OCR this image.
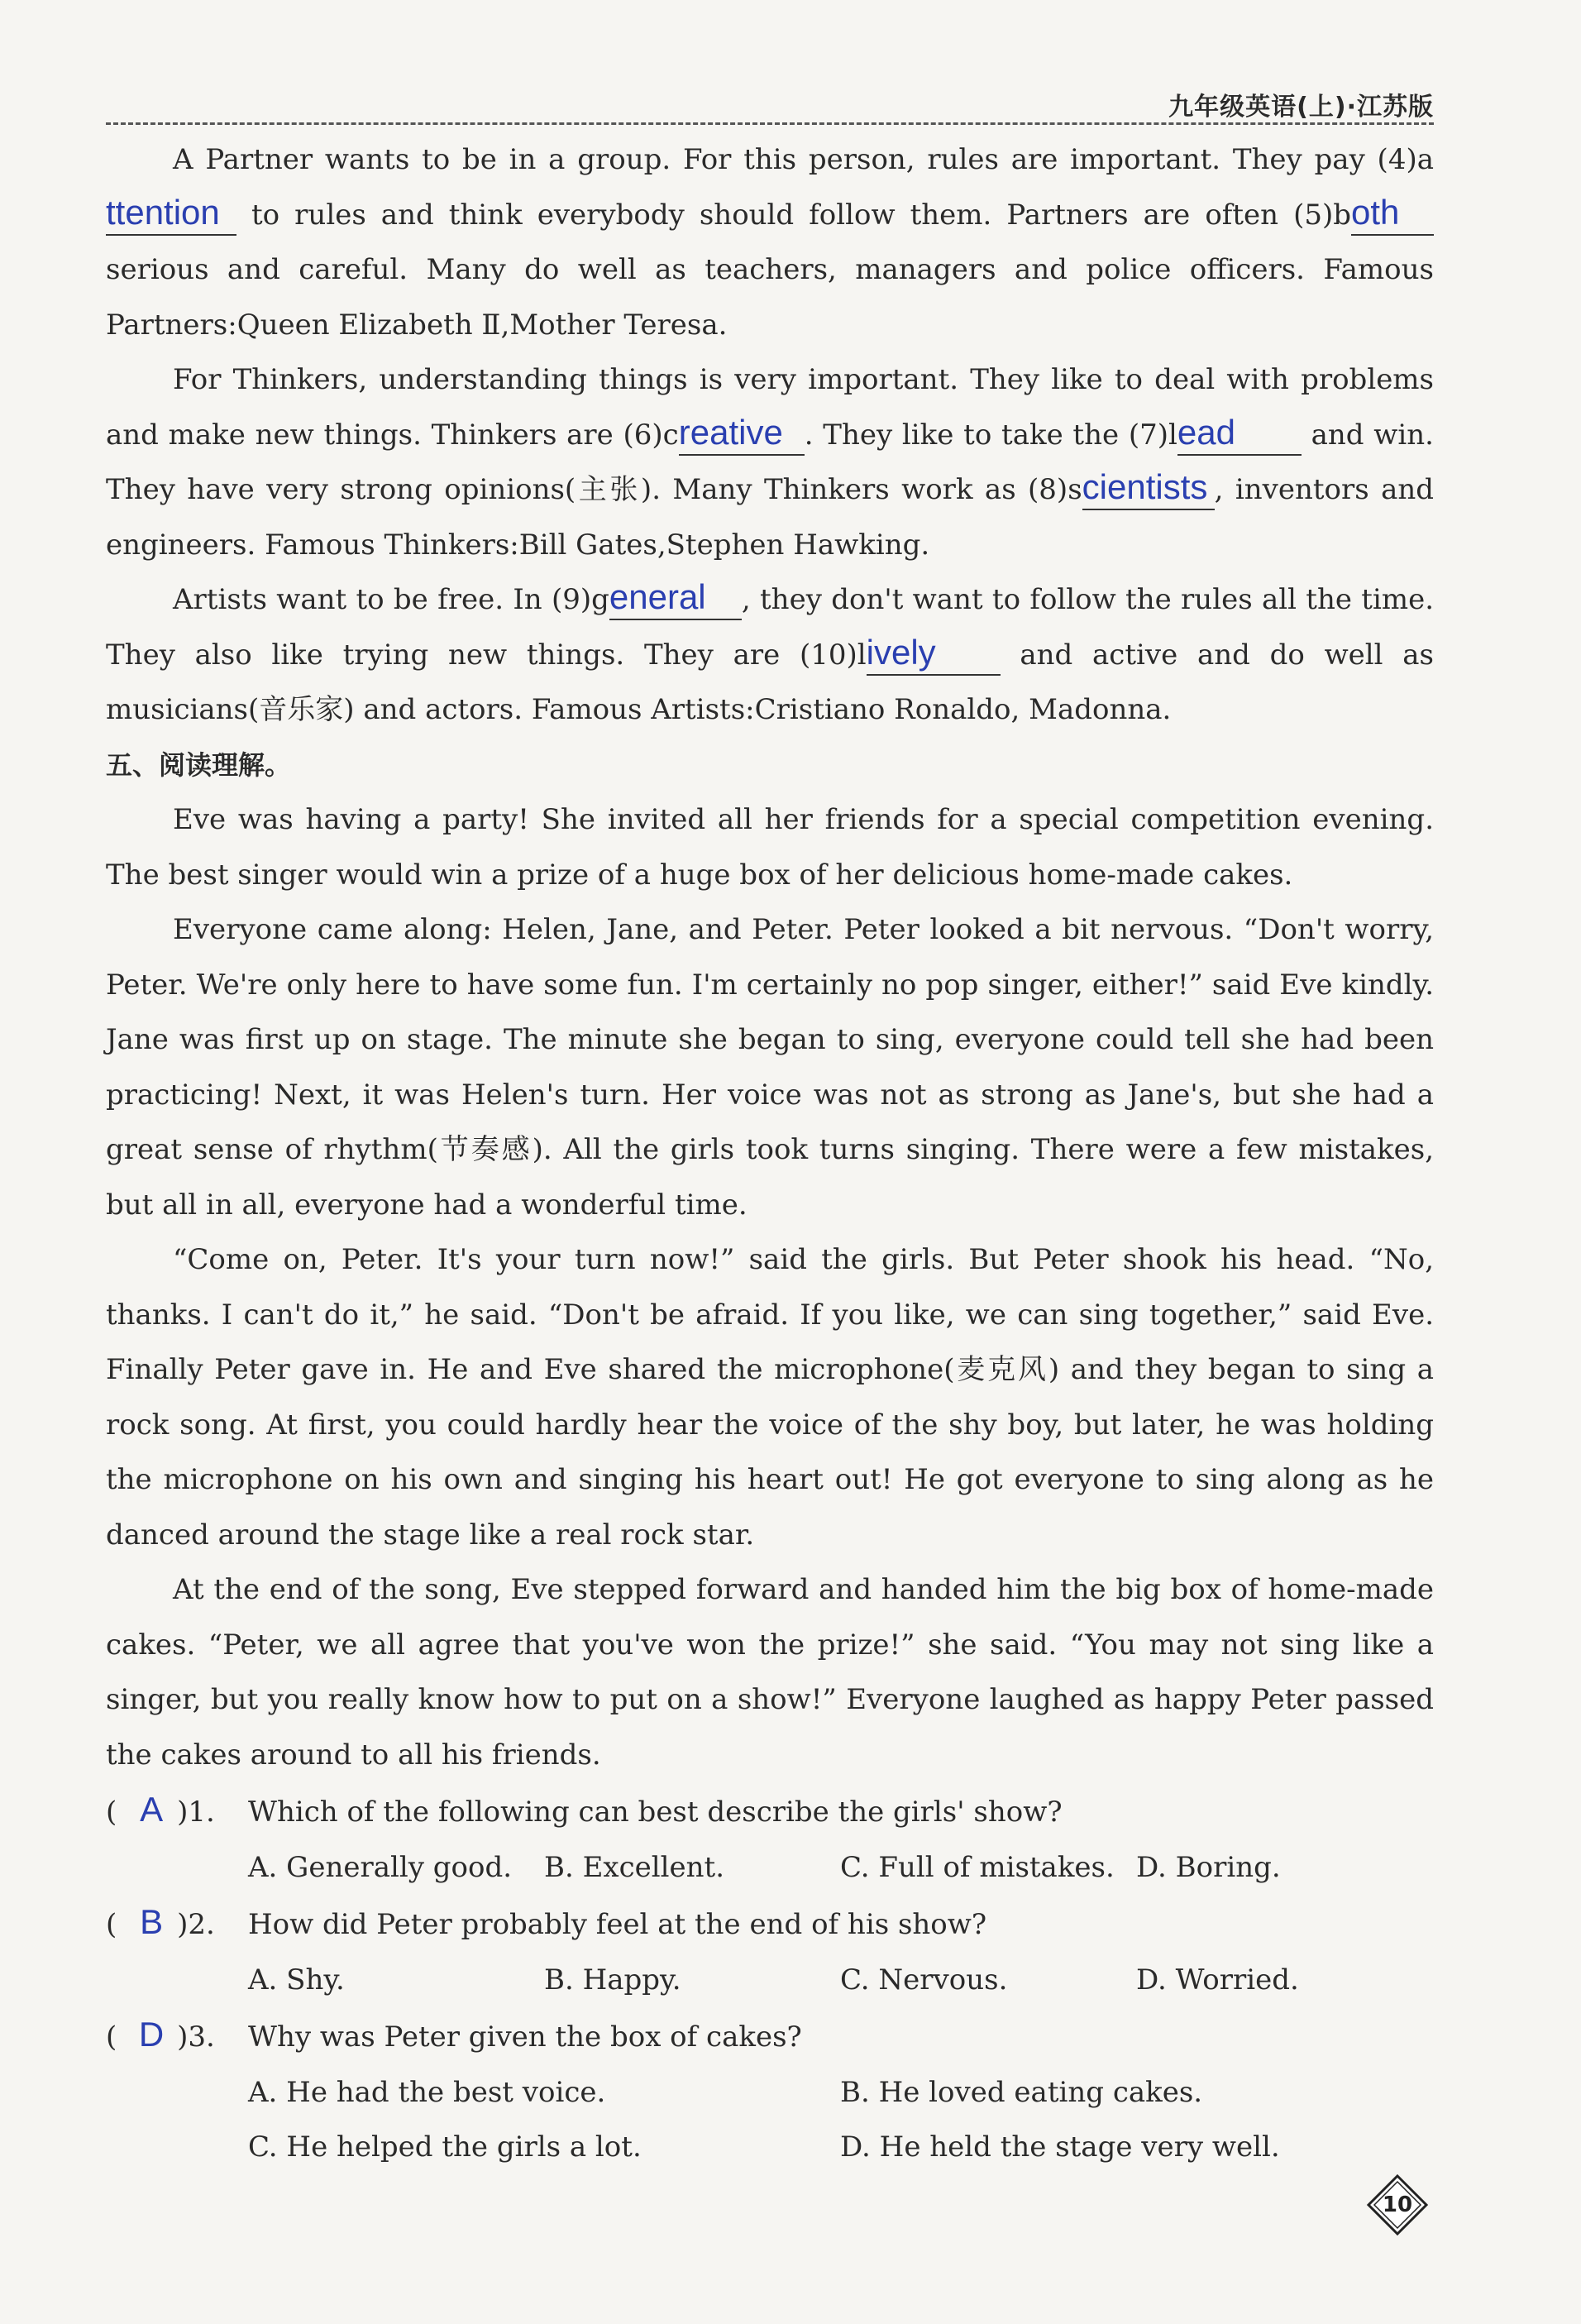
九年级英语(上)·江苏版

A Partner wants to be in a group. For this person, rules are important. They pay (4)attention to rules and think everybody should follow them. Partners are often (5)both serious and careful. Many do well as teachers, managers and police officers. Famous Partners:Queen Elizabeth Ⅱ,Mother Teresa.

For Thinkers, understanding things is very important. They like to deal with problems and make new things. Thinkers are (6)creative . They like to take the (7)lead and win. They have very strong opinions(主张). Many Thinkers work as (8)scientists , inventors and engineers. Famous Thinkers:Bill Gates,Stephen Hawking.

Artists want to be free. In (9)general , they don't want to follow the rules all the time. They also like trying new things. They are (10)lively and active and do well as musicians(音乐家) and actors. Famous Artists:Cristiano Ronaldo, Madonna.

五、阅读理解。

Eve was having a party! She invited all her friends for a special competition evening. The best singer would win a prize of a huge box of her delicious home-made cakes.

Everyone came along: Helen, Jane, and Peter. Peter looked a bit nervous. “Don't worry, Peter. We're only here to have some fun. I'm certainly no pop singer, either!” said Eve kindly. Jane was first up on stage. The minute she began to sing, everyone could tell she had been practicing! Next, it was Helen's turn. Her voice was not as strong as Jane's, but she had a great sense of rhythm(节奏感). All the girls took turns singing. There were a few mistakes, but all in all, everyone had a wonderful time.

“Come on, Peter. It's your turn now!” said the girls. But Peter shook his head. “No, thanks. I can't do it,” he said. “Don't be afraid. If you like, we can sing together,” said Eve. Finally Peter gave in. He and Eve shared the microphone(麦克风) and they began to sing a rock song. At first, you could hardly hear the voice of the shy boy, but later, he was holding the microphone on his own and singing his heart out! He got everyone to sing along as he danced around the stage like a real rock star.

At the end of the song, Eve stepped forward and handed him the big box of home-made cakes. “Peter, we all agree that you've won the prize!” she said. “You may not sing like a singer, but you really know how to put on a show!” Everyone laughed as happy Peter passed the cakes around to all his friends.

( A )1.	Which of the following can best describe the girls' show?
A. Generally good.	B. Excellent.	C. Full of mistakes. D. Boring.
( B )2.	How did Peter probably feel at the end of his show?
A. Shy.	B. Happy.	C. Nervous.	D. Worried.
( D )3.	Why was Peter given the box of cakes?
A. He had the best voice.	B. He loved eating cakes.
C. He helped the girls a lot.	D. He held the stage very well.
10
